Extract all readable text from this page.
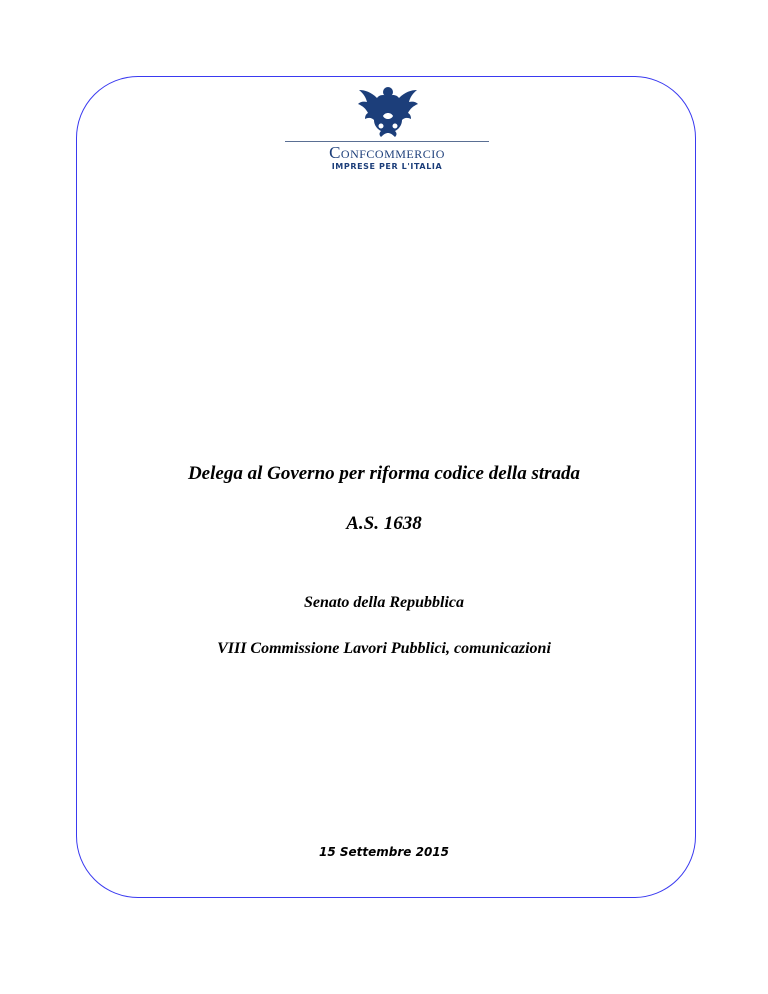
Confcommercio
IMPRESE PER L'ITALIA
Delega al Governo per riforma codice della strada
A.S. 1638
Senato della Repubblica
VIII Commissione Lavori Pubblici, comunicazioni
15 Settembre 2015
